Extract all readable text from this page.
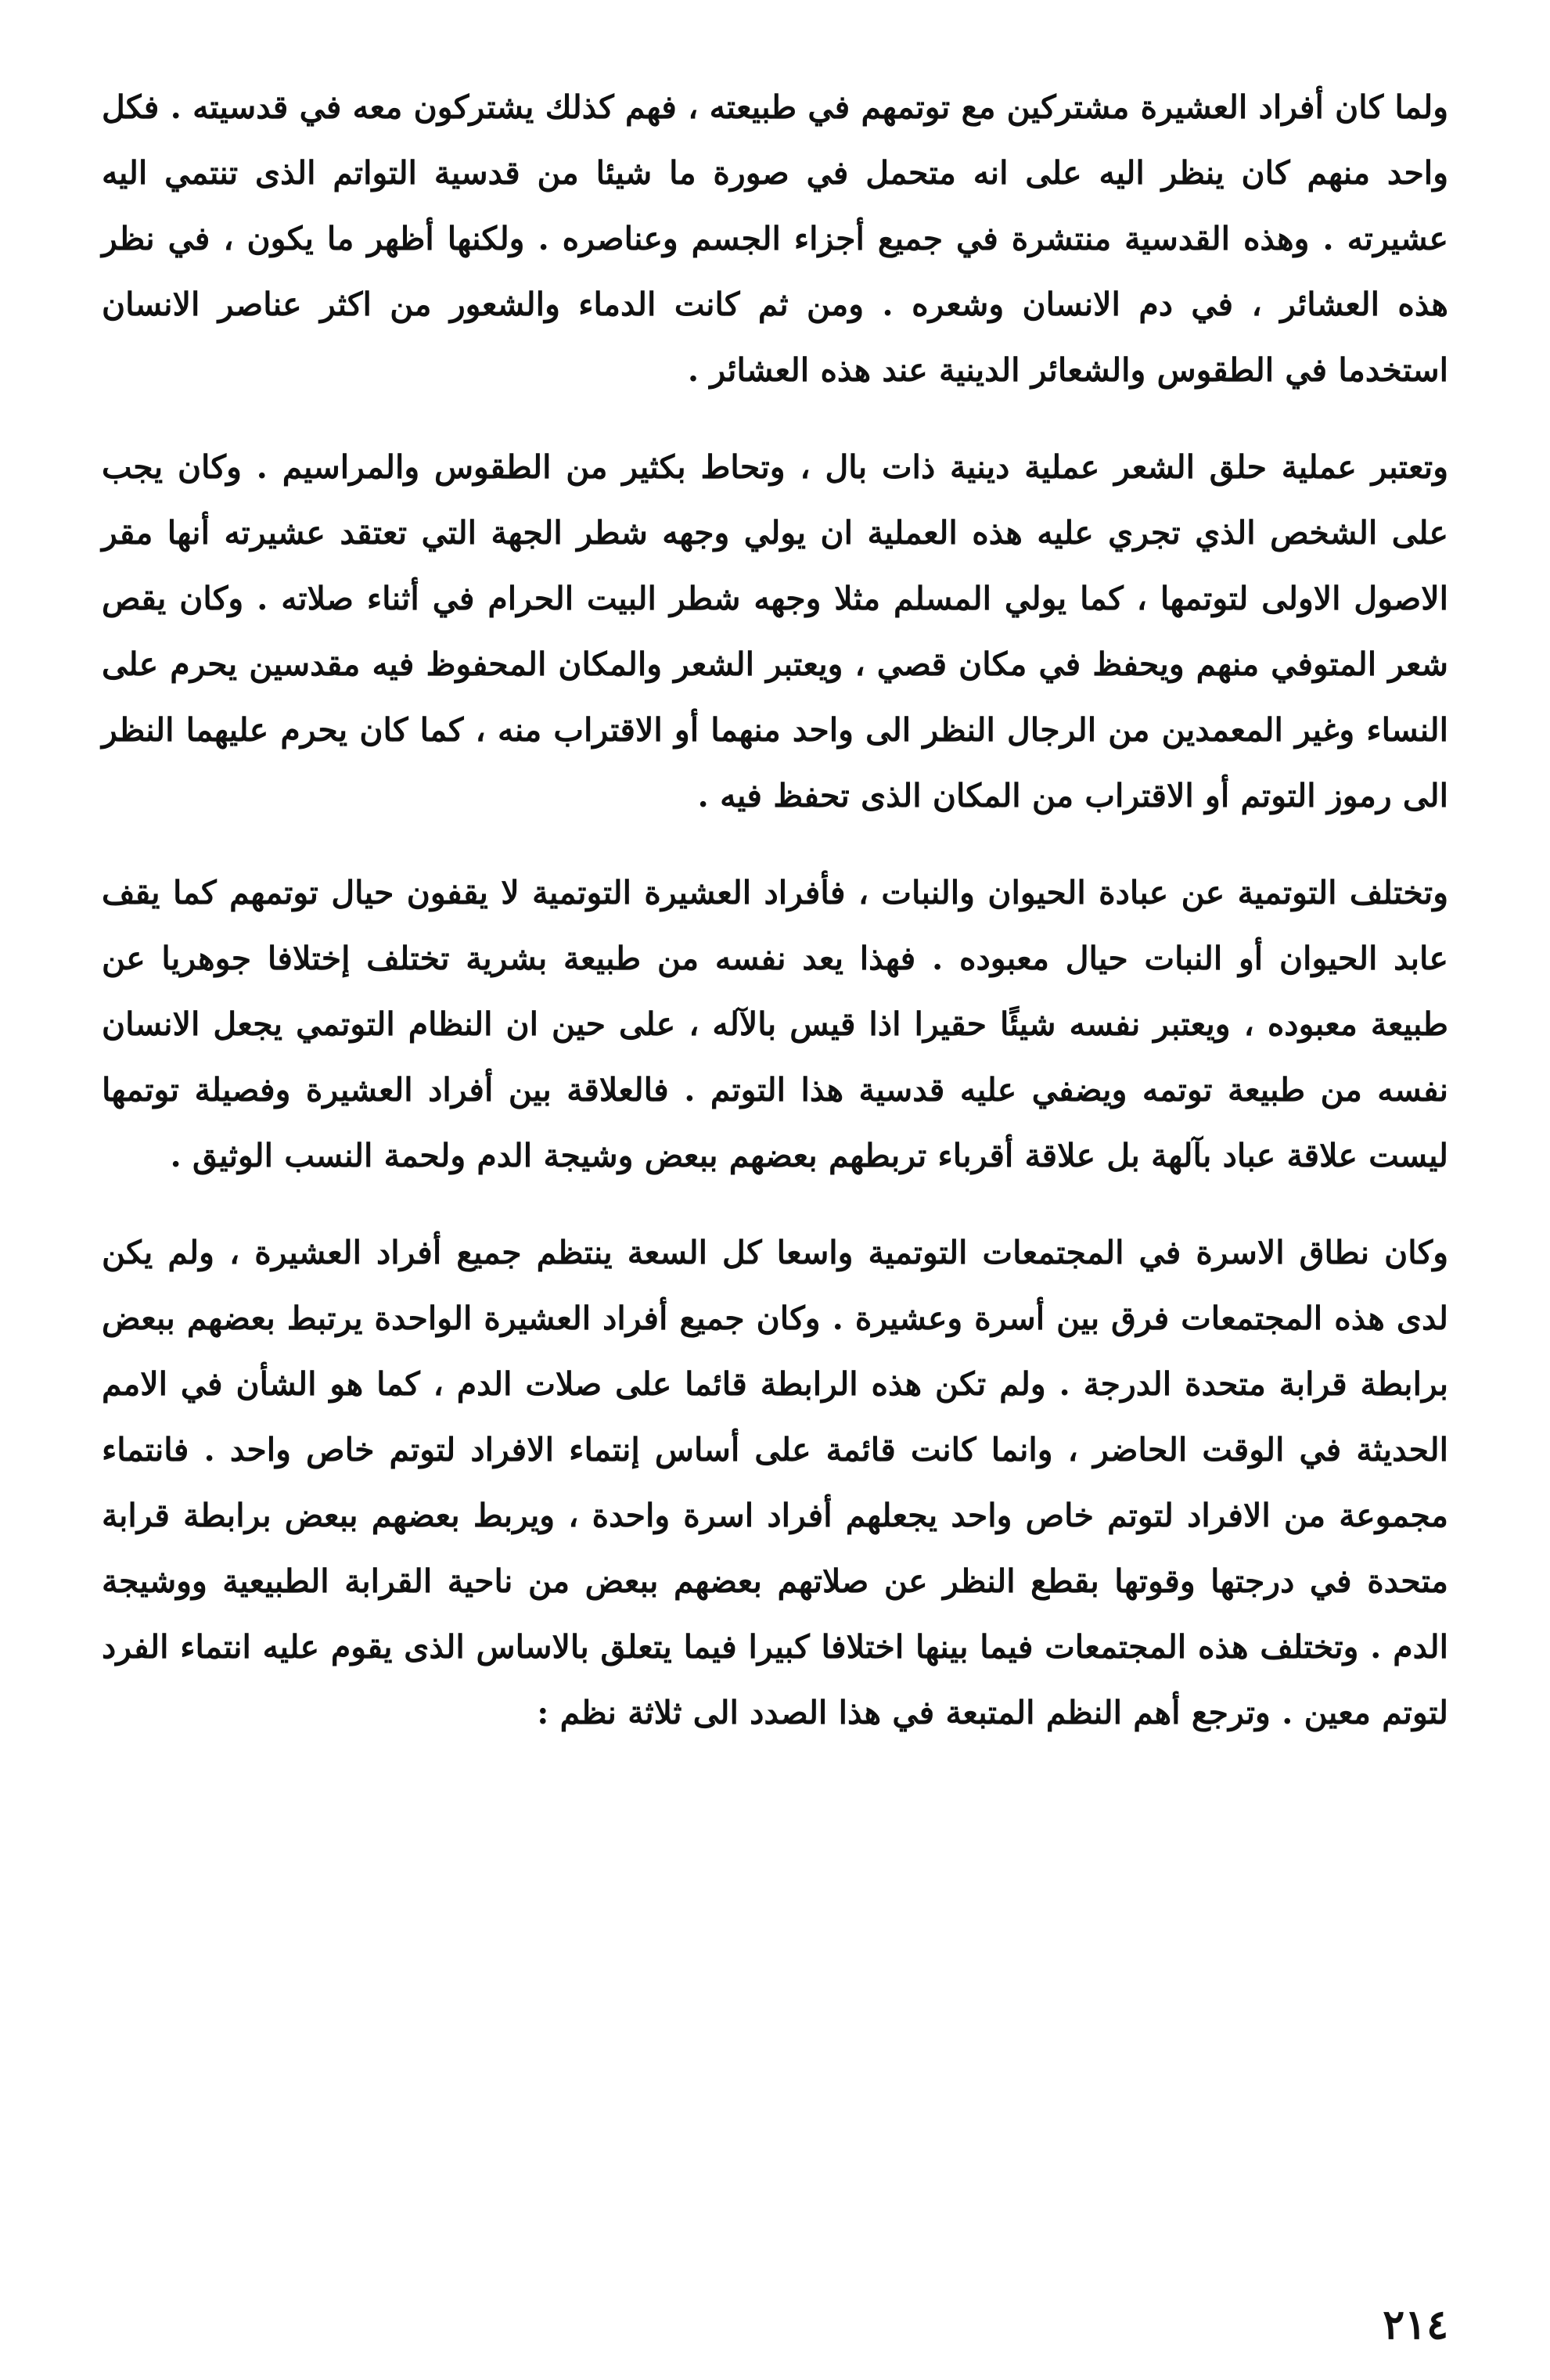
ولما كان أفراد العشيرة مشتركين مع توتمهم في طبيعته ، فهم كذلك يشتركون معه في قدسيته . فكل واحد منهم كان ينظر اليه على انه متحمل في صورة ما شيئا من قدسية التواتم الذى تنتمي اليه عشيرته . وهذه القدسية منتشرة في جميع أجزاء الجسم وعناصره . ولكنها أظهر ما يكون ، في نظر هذه العشائر ، في دم الانسان وشعره . ومن ثم كانت الدماء والشعور من اكثر عناصر الانسان استخدما في الطقوس والشعائر الدينية عند هذه العشائر .

وتعتبر عملية حلق الشعر عملية دينية ذات بال ، وتحاط بكثير من الطقوس والمراسيم . وكان يجب على الشخص الذي تجري عليه هذه العملية ان يولي وجهه شطر الجهة التي تعتقد عشيرته أنها مقر الاصول الاولى لتوتمها ، كما يولي المسلم مثلا وجهه شطر البيت الحرام في أثناء صلاته . وكان يقص شعر المتوفي منهم ويحفظ في مكان قصي ، ويعتبر الشعر والمكان المحفوظ فيه مقدسين يحرم على النساء وغير المعمدين من الرجال النظر الى واحد منهما أو الاقتراب منه ، كما كان يحرم عليهما النظر الى رموز التوتم أو الاقتراب من المكان الذى تحفظ فيه .

وتختلف التوتمية عن عبادة الحيوان والنبات ، فأفراد العشيرة التوتمية لا يقفون حيال توتمهم كما يقف عابد الحيوان أو النبات حيال معبوده . فهذا يعد نفسه من طبيعة بشرية تختلف إختلافا جوهريا عن طبيعة معبوده ، ويعتبر نفسه شيئًا حقيرا اذا قيس بالآله ، على حين ان النظام التوتمي يجعل الانسان نفسه من طبيعة توتمه ويضفي عليه قدسية هذا التوتم . فالعلاقة بين أفراد العشيرة وفصيلة توتمها ليست علاقة عباد بآلهة بل علاقة أقرباء تربطهم بعضهم ببعض وشيجة الدم ولحمة النسب الوثيق .

وكان نطاق الاسرة في المجتمعات التوتمية واسعا كل السعة ينتظم جميع أفراد العشيرة ، ولم يكن لدى هذه المجتمعات فرق بين أسرة وعشيرة . وكان جميع أفراد العشيرة الواحدة يرتبط بعضهم ببعض برابطة قرابة متحدة الدرجة . ولم تكن هذه الرابطة قائما على صلات الدم ، كما هو الشأن في الامم الحديثة في الوقت الحاضر ، وانما كانت قائمة على أساس إنتماء الافراد لتوتم خاص واحد . فانتماء مجموعة من الافراد لتوتم خاص واحد يجعلهم أفراد اسرة واحدة ، ويربط بعضهم ببعض برابطة قرابة متحدة في درجتها وقوتها بقطع النظر عن صلاتهم بعضهم ببعض من ناحية القرابة الطبيعية ووشيجة الدم . وتختلف هذه المجتمعات فيما بينها اختلافا كبيرا فيما يتعلق بالاساس الذى يقوم عليه انتماء الفرد لتوتم معين . وترجع أهم النظم المتبعة في هذا الصدد الى ثلاثة نظم :

٢١٤
